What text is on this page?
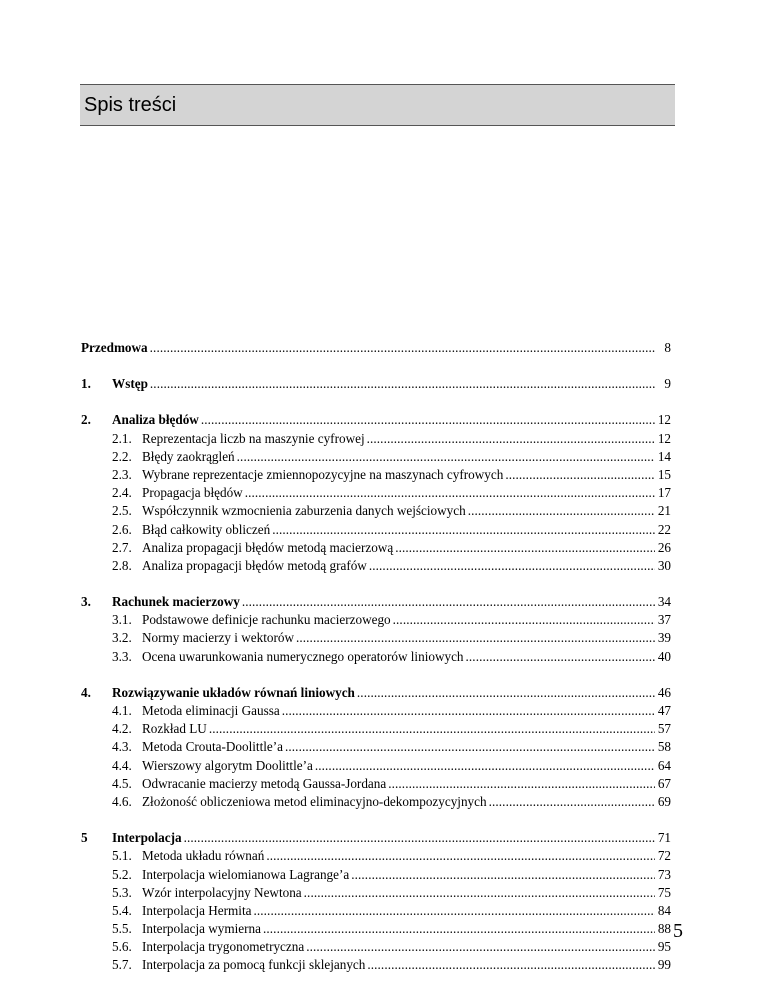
Spis treści
Przedmowa . . .	8
1.	Wstęp . . .	9
2.	Analiza błędów . . .	12
2.1. Reprezentacja liczb na maszynie cyfrowej . . .	12
2.2. Błędy zaokrągleń . . .	14
2.3. Wybrane reprezentacje zmiennopozycyjne na maszynach cyfrowych . . .	15
2.4. Propagacja błędów . . .	17
2.5. Współczynnik wzmocnienia zaburzenia danych wejściowych . . .	21
2.6. Błąd całkowity obliczeń . . .	22
2.7. Analiza propagacji błędów metodą macierzową . . .	26
2.8. Analiza propagacji błędów metodą grafów . . .	30
3.	Rachunek macierzowy . . .	34
3.1. Podstawowe definicje rachunku macierzowego . . .	37
3.2. Normy macierzy i wektorów . . .	39
3.3. Ocena uwarunkowania numerycznego operatorów liniowych . . .	40
4.	Rozwiązywanie układów równań liniowych . . .	46
4.1. Metoda eliminacji Gaussa . . .	47
4.2. Rozkład LU . . .	57
4.3. Metoda Crouta-Doolittle’a . . .	58
4.4. Wierszowy algorytm Doolittle’a . . .	64
4.5. Odwracanie macierzy metodą Gaussa-Jordana . . .	67
4.6. Złożoność obliczeniowa metod eliminacyjno-dekompozycyjnych . . .	69
5	Interpolacja . . .	71
5.1. Metoda układu równań . . .	72
5.2. Interpolacja wielomianowa Lagrange’a . . .	73
5.3. Wzór interpolacyjny Newtona . . .	75
5.4. Interpolacja Hermita . . .	84
5.5. Interpolacja wymierna . . .	88
5.6. Interpolacja trygonometryczna . . .	95
5.7. Interpolacja za pomocą funkcji sklejanych . . .	99
5
